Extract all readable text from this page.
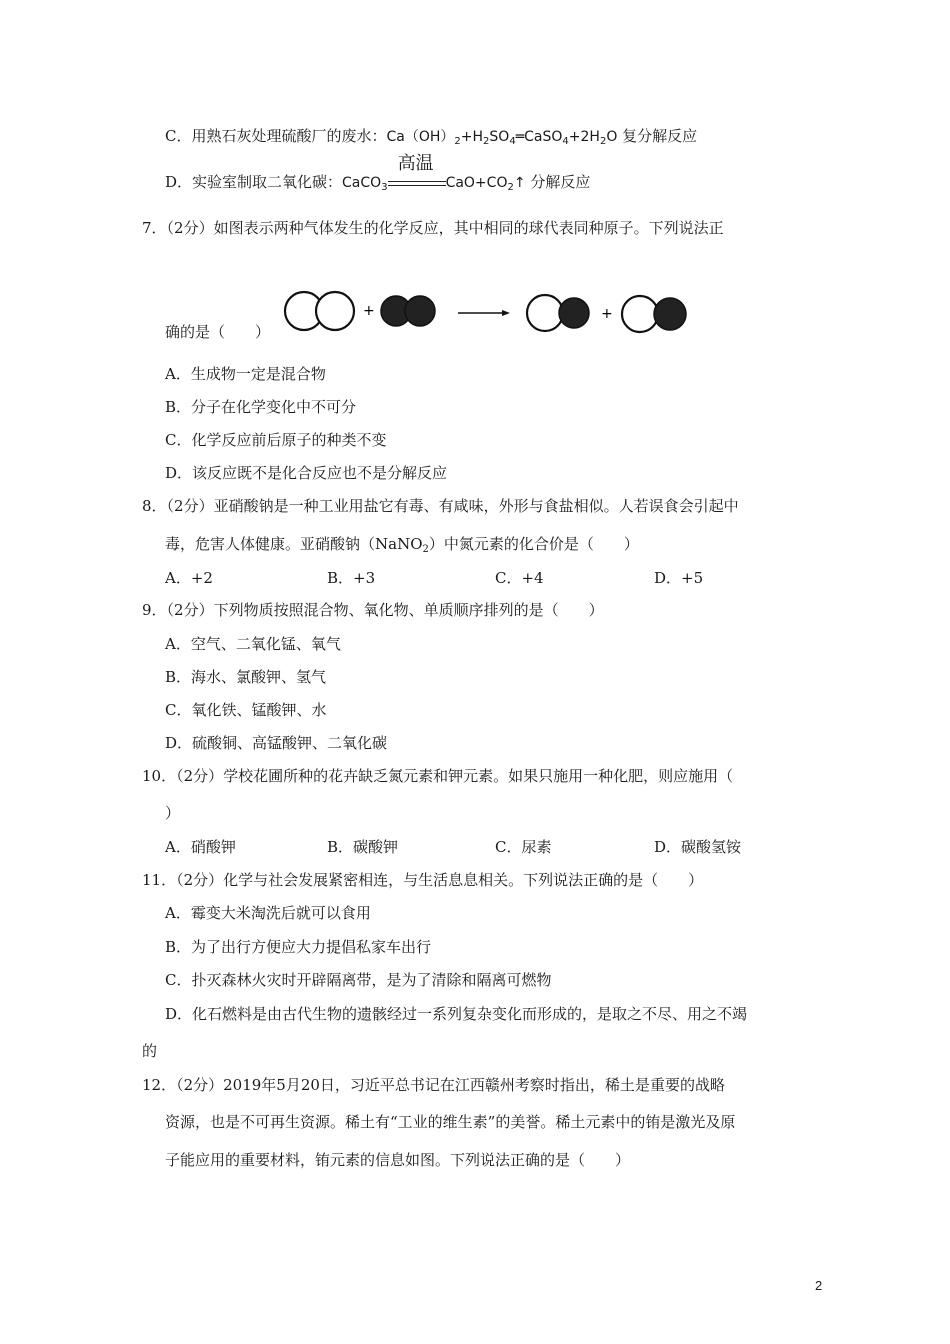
C．用熟石灰处理硫酸厂的废水：$Ca(OH)_2+H_2SO_4═CaSO_4+2H_2O$ 复分解反应
D．实验室制取二氧化碳：CaCO$_3$
高温
$CaO+CO_2↑$ 分解反应
7．（2分）如图表示两种气体发生的化学反应，其中相同的球代表同种原子。下列说法正
+	+
确的是（　　）
A．生成物一定是混合物
B．分子在化学变化中不可分
C．化学反应前后原子的种类不变
D．该反应既不是化合反应也不是分解反应
8．（2分）亚硝酸钠是一种工业用盐它有毒、有咸味，外形与食盐相似。人若误食会引起中
毒，危害人体健康。亚硝酸钠（NaNO$_2$）中氮元素的化合价是（　　）
A．+2	B．+3	C．+4	D．+5
9．（2分）下列物质按照混合物、氧化物、单质顺序排列的是（　　）
A．空气、二氧化锰、氧气
B．海水、氯酸钾、氢气
C．氧化铁、锰酸钾、水
D．硫酸铜、高锰酸钾、二氧化碳
10．（2分）学校花圃所种的花卉缺乏氮元素和钾元素。如果只施用一种化肥，则应施用（
）
A．硝酸钾	B．碳酸钾	C．尿素	D．碳酸氢铵
11．（2分）化学与社会发展紧密相连，与生活息息相关。下列说法正确的是（　　）
A．霉变大米淘洗后就可以食用
B．为了出行方便应大力提倡私家车出行
C．扑灭森林火灾时开辟隔离带，是为了清除和隔离可燃物
D．化石燃料是由古代生物的遗骸经过一系列复杂变化而形成的，是取之不尽、用之不竭
的
12．（2分）2019年5月20日，习近平总书记在江西赣州考察时指出，稀土是重要的战略
资源，也是不可再生资源。稀土有“工业的维生素”的美誉。稀土元素中的铕是激光及原
子能应用的重要材料，铕元素的信息如图。下列说法正确的是（　　）
2
